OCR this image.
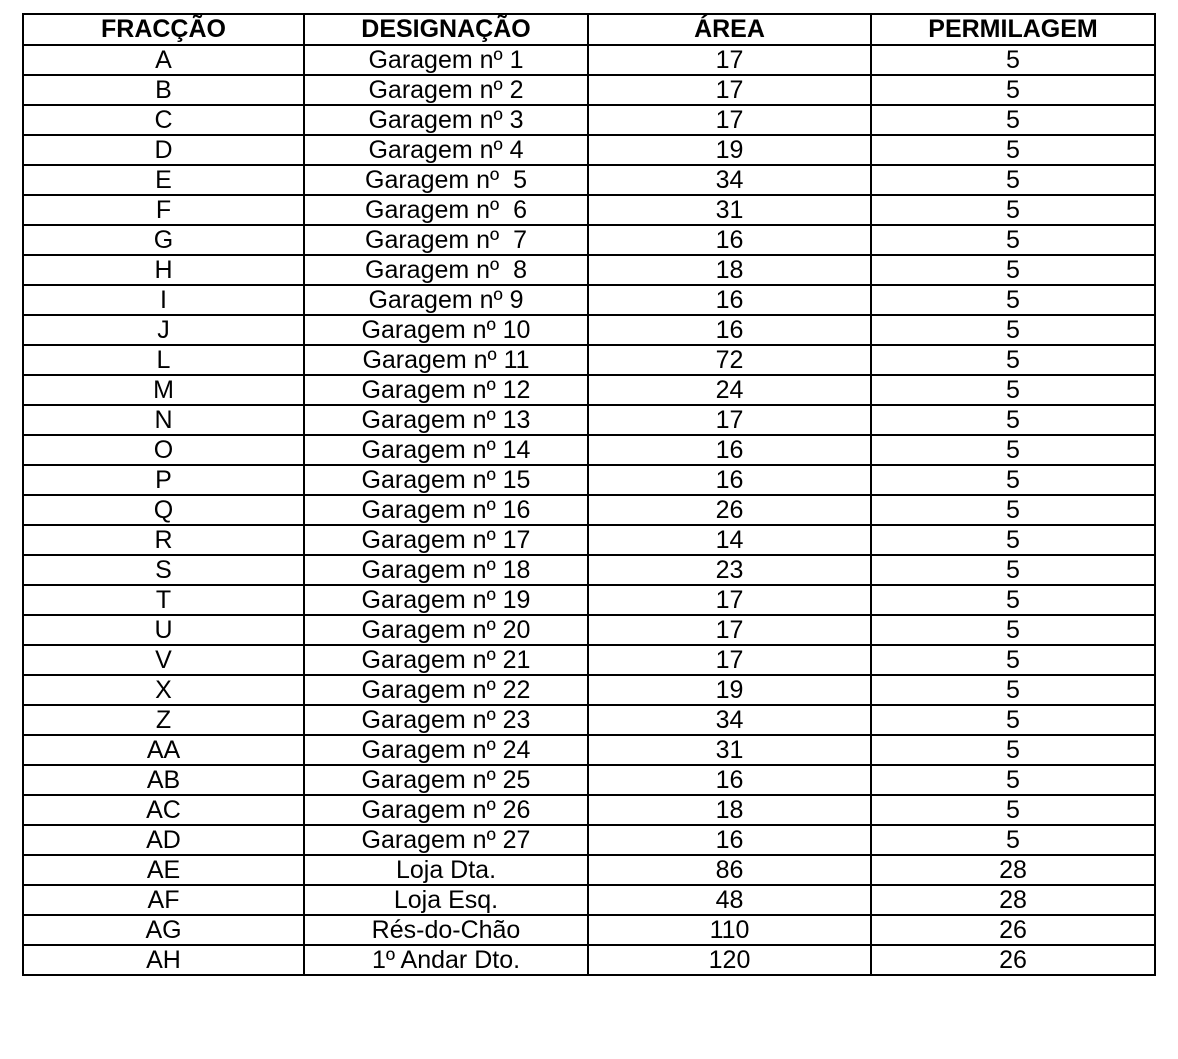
FRACÇÃO	DESIGNAÇÃO	ÁREA	PERMILAGEM
A	Garagem nº 1	17	5
B	Garagem nº 2	17	5
C	Garagem nº 3	17	5
D	Garagem nº 4	19	5
E	Garagem nº  5	34	5
F	Garagem nº  6	31	5
G	Garagem nº  7	16	5
H	Garagem nº  8	18	5
I	Garagem nº 9	16	5
J	Garagem nº 10	16	5
L	Garagem nº 11	72	5
M	Garagem nº 12	24	5
N	Garagem nº 13	17	5
O	Garagem nº 14	16	5
P	Garagem nº 15	16	5
Q	Garagem nº 16	26	5
R	Garagem nº 17	14	5
S	Garagem nº 18	23	5
T	Garagem nº 19	17	5
U	Garagem nº 20	17	5
V	Garagem nº 21	17	5
X	Garagem nº 22	19	5
Z	Garagem nº 23	34	5
AA	Garagem nº 24	31	5
AB	Garagem nº 25	16	5
AC	Garagem nº 26	18	5
AD	Garagem nº 27	16	5
AE	Loja Dta.	86	28
AF	Loja Esq.	48	28
AG	Rés-do-Chão	110	26
AH	1º Andar Dto.	120	26
